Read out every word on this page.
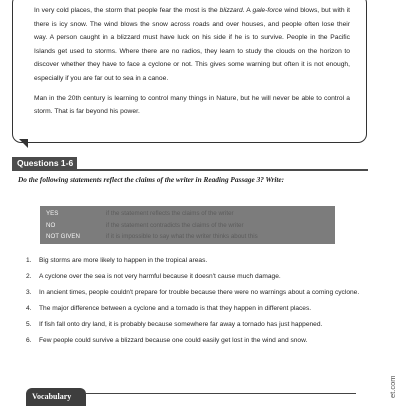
In very cold places, the storm that people fear the most is the blizzard. A gale-force wind blows, but with it there is icy snow. The wind blows the snow across roads and over houses, and people often lose their way. A person caught in a blizzard must have luck on his side if he is to survive. People in the Pacific Islands get used to storms. Where there are no radios, they learn to study the clouds on the horizon to discover whether they have to face a cyclone or not. This gives some warning but often it is not enough, especially if you are far out to sea in a canoe.

Man in the 20th century is learning to control many things in Nature, but he will never be able to control a storm. That is far beyond his power.

Questions 1-6
Do the following statements reflect the claims of the writer in Reading Passage 3? Write:
YES	if the statement reflects the claims of the writer
NO	if the statement contradicts the claims of the writer
NOT GIVEN	if it is impossible to say what the writer thinks about this
1. Big storms are more likely to happen in the tropical areas.
2. A cyclone over the sea is not very harmful because it doesn't cause much damage.
3. In ancient times, people couldn't prepare for trouble because there were no warnings about a coming cyclone.
4. The major difference between a cyclone and a tornado is that they happen in different places.
5. If fish fall onto dry land, it is probably because somewhere far away a tornado has just happened.
6. Few people could survive a blizzard because one could easily get lost in the wind and snow.
Vocabulary	et.com
